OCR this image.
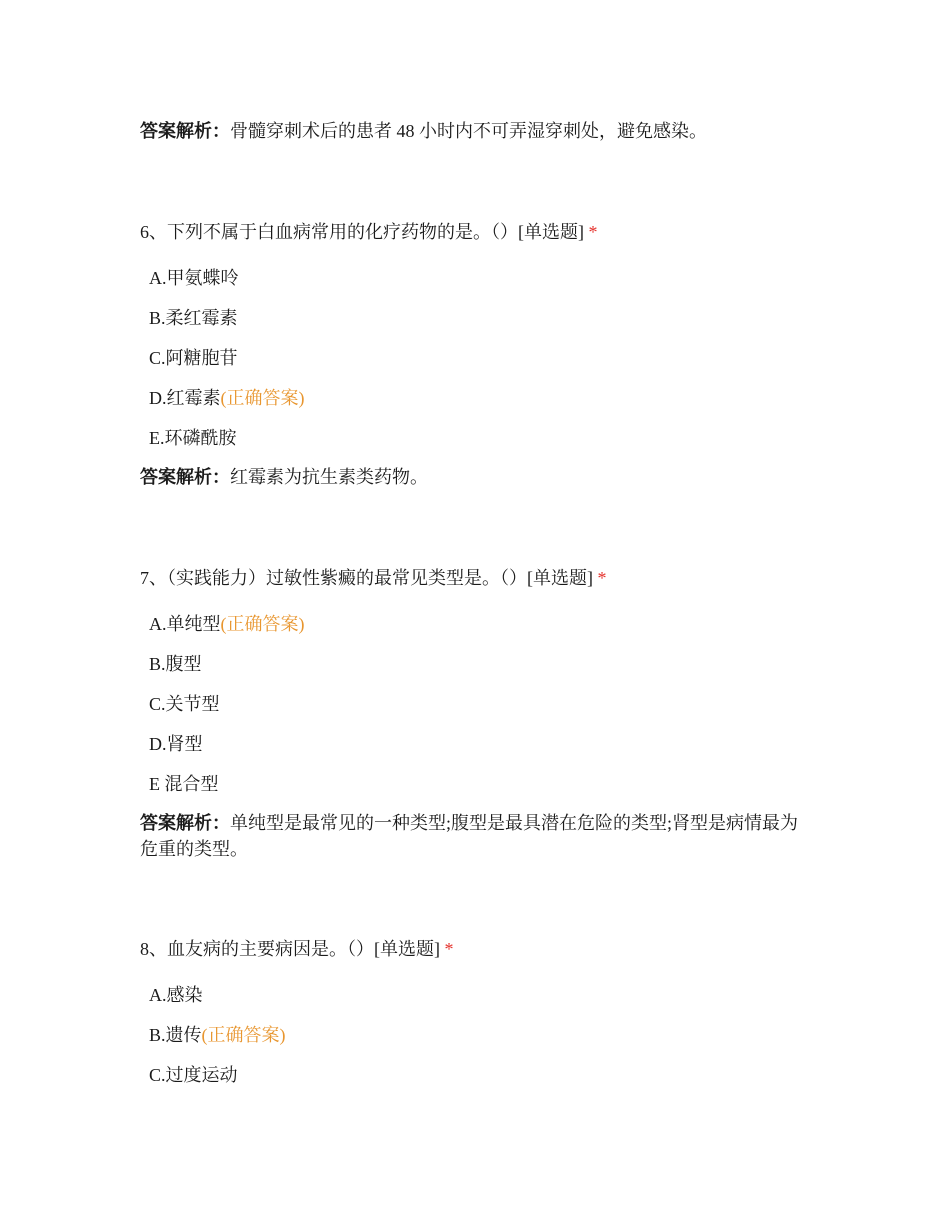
答案解析：骨髓穿刺术后的患者 48 小时内不可弄湿穿刺处，避免感染。
6、下列不属于白血病常用的化疗药物的是。（）[单选题] *
A.甲氨蝶呤
B.柔红霉素
C.阿糖胞苷
D.红霉素(正确答案)
E.环磷酰胺
答案解析：红霉素为抗生素类药物。
7、（实践能力）过敏性紫癜的最常见类型是。（）[单选题] *
A.单纯型(正确答案)
B.腹型
C.关节型
D.肾型
E 混合型
答案解析：单纯型是最常见的一种类型;腹型是最具潜在危险的类型;肾型是病情最为危重的类型。
8、血友病的主要病因是。（）[单选题] *
A.感染
B.遗传(正确答案)
C.过度运动
